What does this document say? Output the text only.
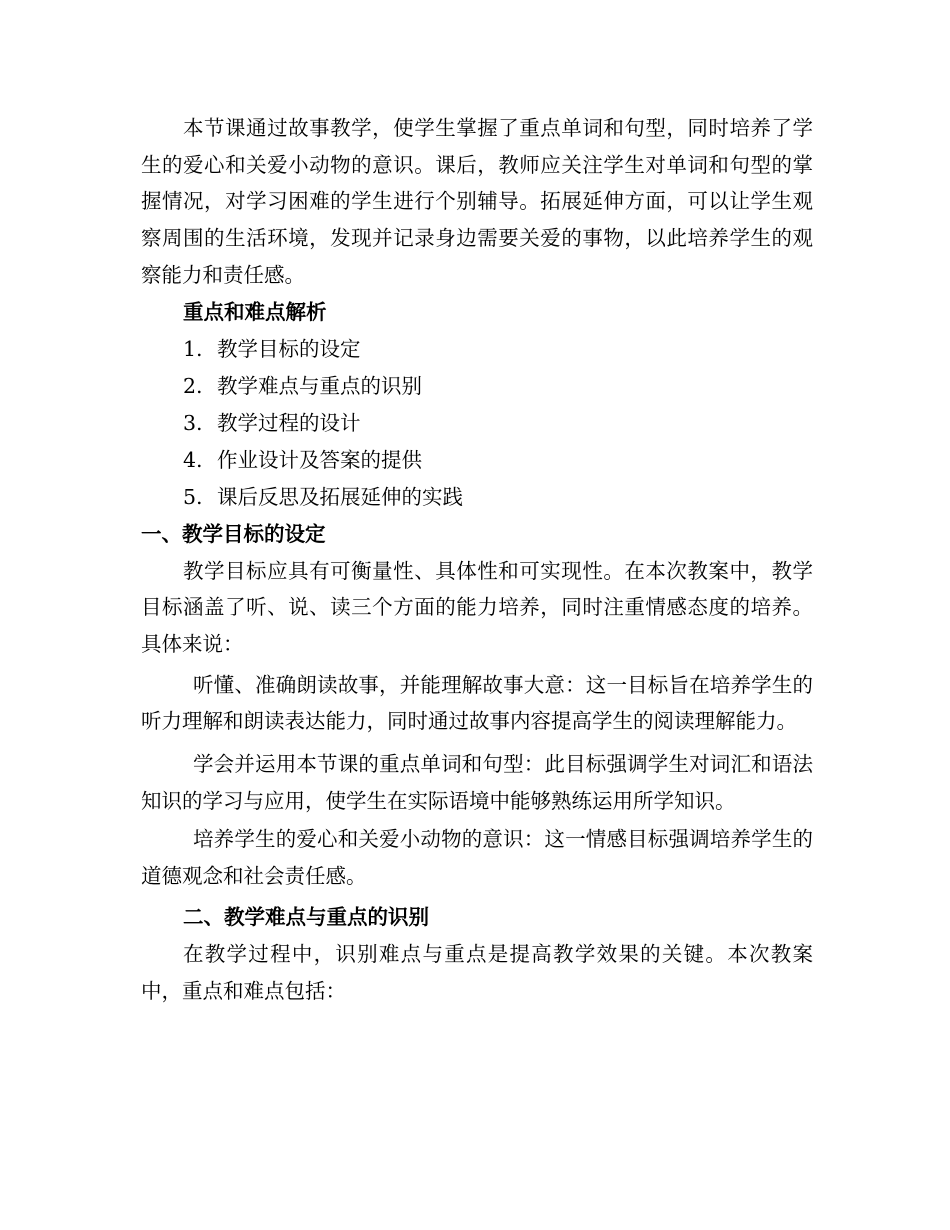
本节课通过故事教学，使学生掌握了重点单词和句型，同时培养了学生的爱心和关爱小动物的意识。课后，教师应关注学生对单词和句型的掌握情况，对学习困难的学生进行个别辅导。拓展延伸方面，可以让学生观察周围的生活环境，发现并记录身边需要关爱的事物，以此培养学生的观察能力和责任感。

重点和难点解析

1. 教学目标的设定

2. 教学难点与重点的识别

3. 教学过程的设计

4. 作业设计及答案的提供

5. 课后反思及拓展延伸的实践

一、教学目标的设定

教学目标应具有可衡量性、具体性和可实现性。在本次教案中，教学目标涵盖了听、说、读三个方面的能力培养，同时注重情感态度的培养。具体来说：

听懂、准确朗读故事，并能理解故事大意：这一目标旨在培养学生的听力理解和朗读表达能力，同时通过故事内容提高学生的阅读理解能力。

学会并运用本节课的重点单词和句型：此目标强调学生对词汇和语法知识的学习与应用，使学生在实际语境中能够熟练运用所学知识。

培养学生的爱心和关爱小动物的意识：这一情感目标强调培养学生的道德观念和社会责任感。

二、教学难点与重点的识别

在教学过程中，识别难点与重点是提高教学效果的关键。本次教案中，重点和难点包括：
